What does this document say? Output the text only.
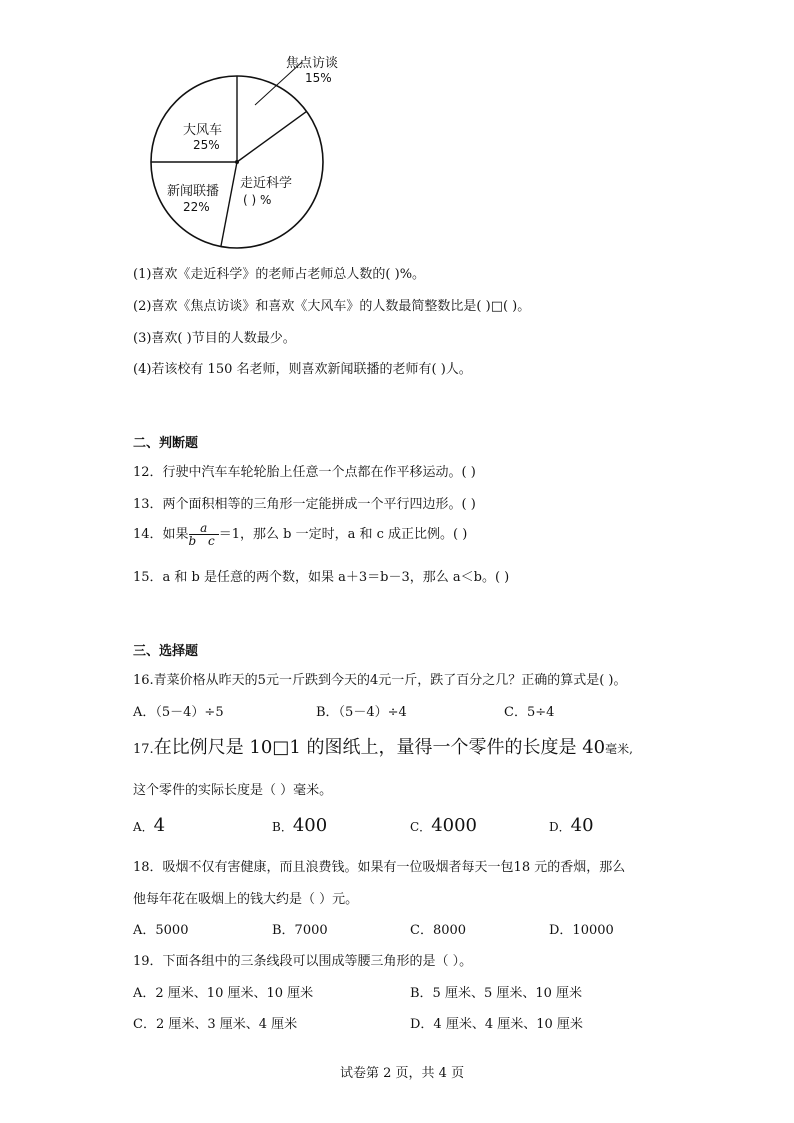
焦点访谈
15%
大风车
25%
新闻联播
22%
走近科学
( ) %
(1)喜欢《走近科学》的老师占老师总人数的( )%。
(2)喜欢《焦点访谈》和喜欢《大风车》的人数最简整数比是( )□( )。
(3)喜欢( )节目的人数最少。
(4)若该校有 150 名老师，则喜欢新闻联播的老师有( )人。
二、判断题
12．行驶中汽车车轮轮胎上任意一个点都在作平移运动。( )
13．两个面积相等的三角形一定能拼成一个平行四边形。( )
14．如果 $\frac{a}{\text{b c}} =1$，那么 b 一定时，a 和 c 成正比例。( )
15．a 和 b 是任意的两个数，如果 a＋3＝b－3，那么 a＜b。( )
三、选择题
16.青菜价格从昨天的5元一斤跌到今天的4元一斤，跌了百分之几？正确的算式是( )。
A．（5－4）÷5	B．（5－4）÷4	C．5÷4
17.在比例尺是 10□1 的图纸上，量得一个零件的长度是 40毫米,
这个零件的实际长度是（ ）毫米。
A．4	B．400	C．4000	D．40
18．吸烟不仅有害健康，而且浪费钱。如果有一位吸烟者每天一包18 元的香烟，那么
他每年花在吸烟上的钱大约是（ ）元。
A．5000	B．7000	C．8000	D．10000
19．下面各组中的三条线段可以围成等腰三角形的是（ ）。
A．2 厘米、10 厘米、10 厘米	B．5 厘米、5 厘米、10 厘米
C．2 厘米、3 厘米、4 厘米	D．4 厘米、4 厘米、10 厘米
试卷第 2 页，共 4 页
